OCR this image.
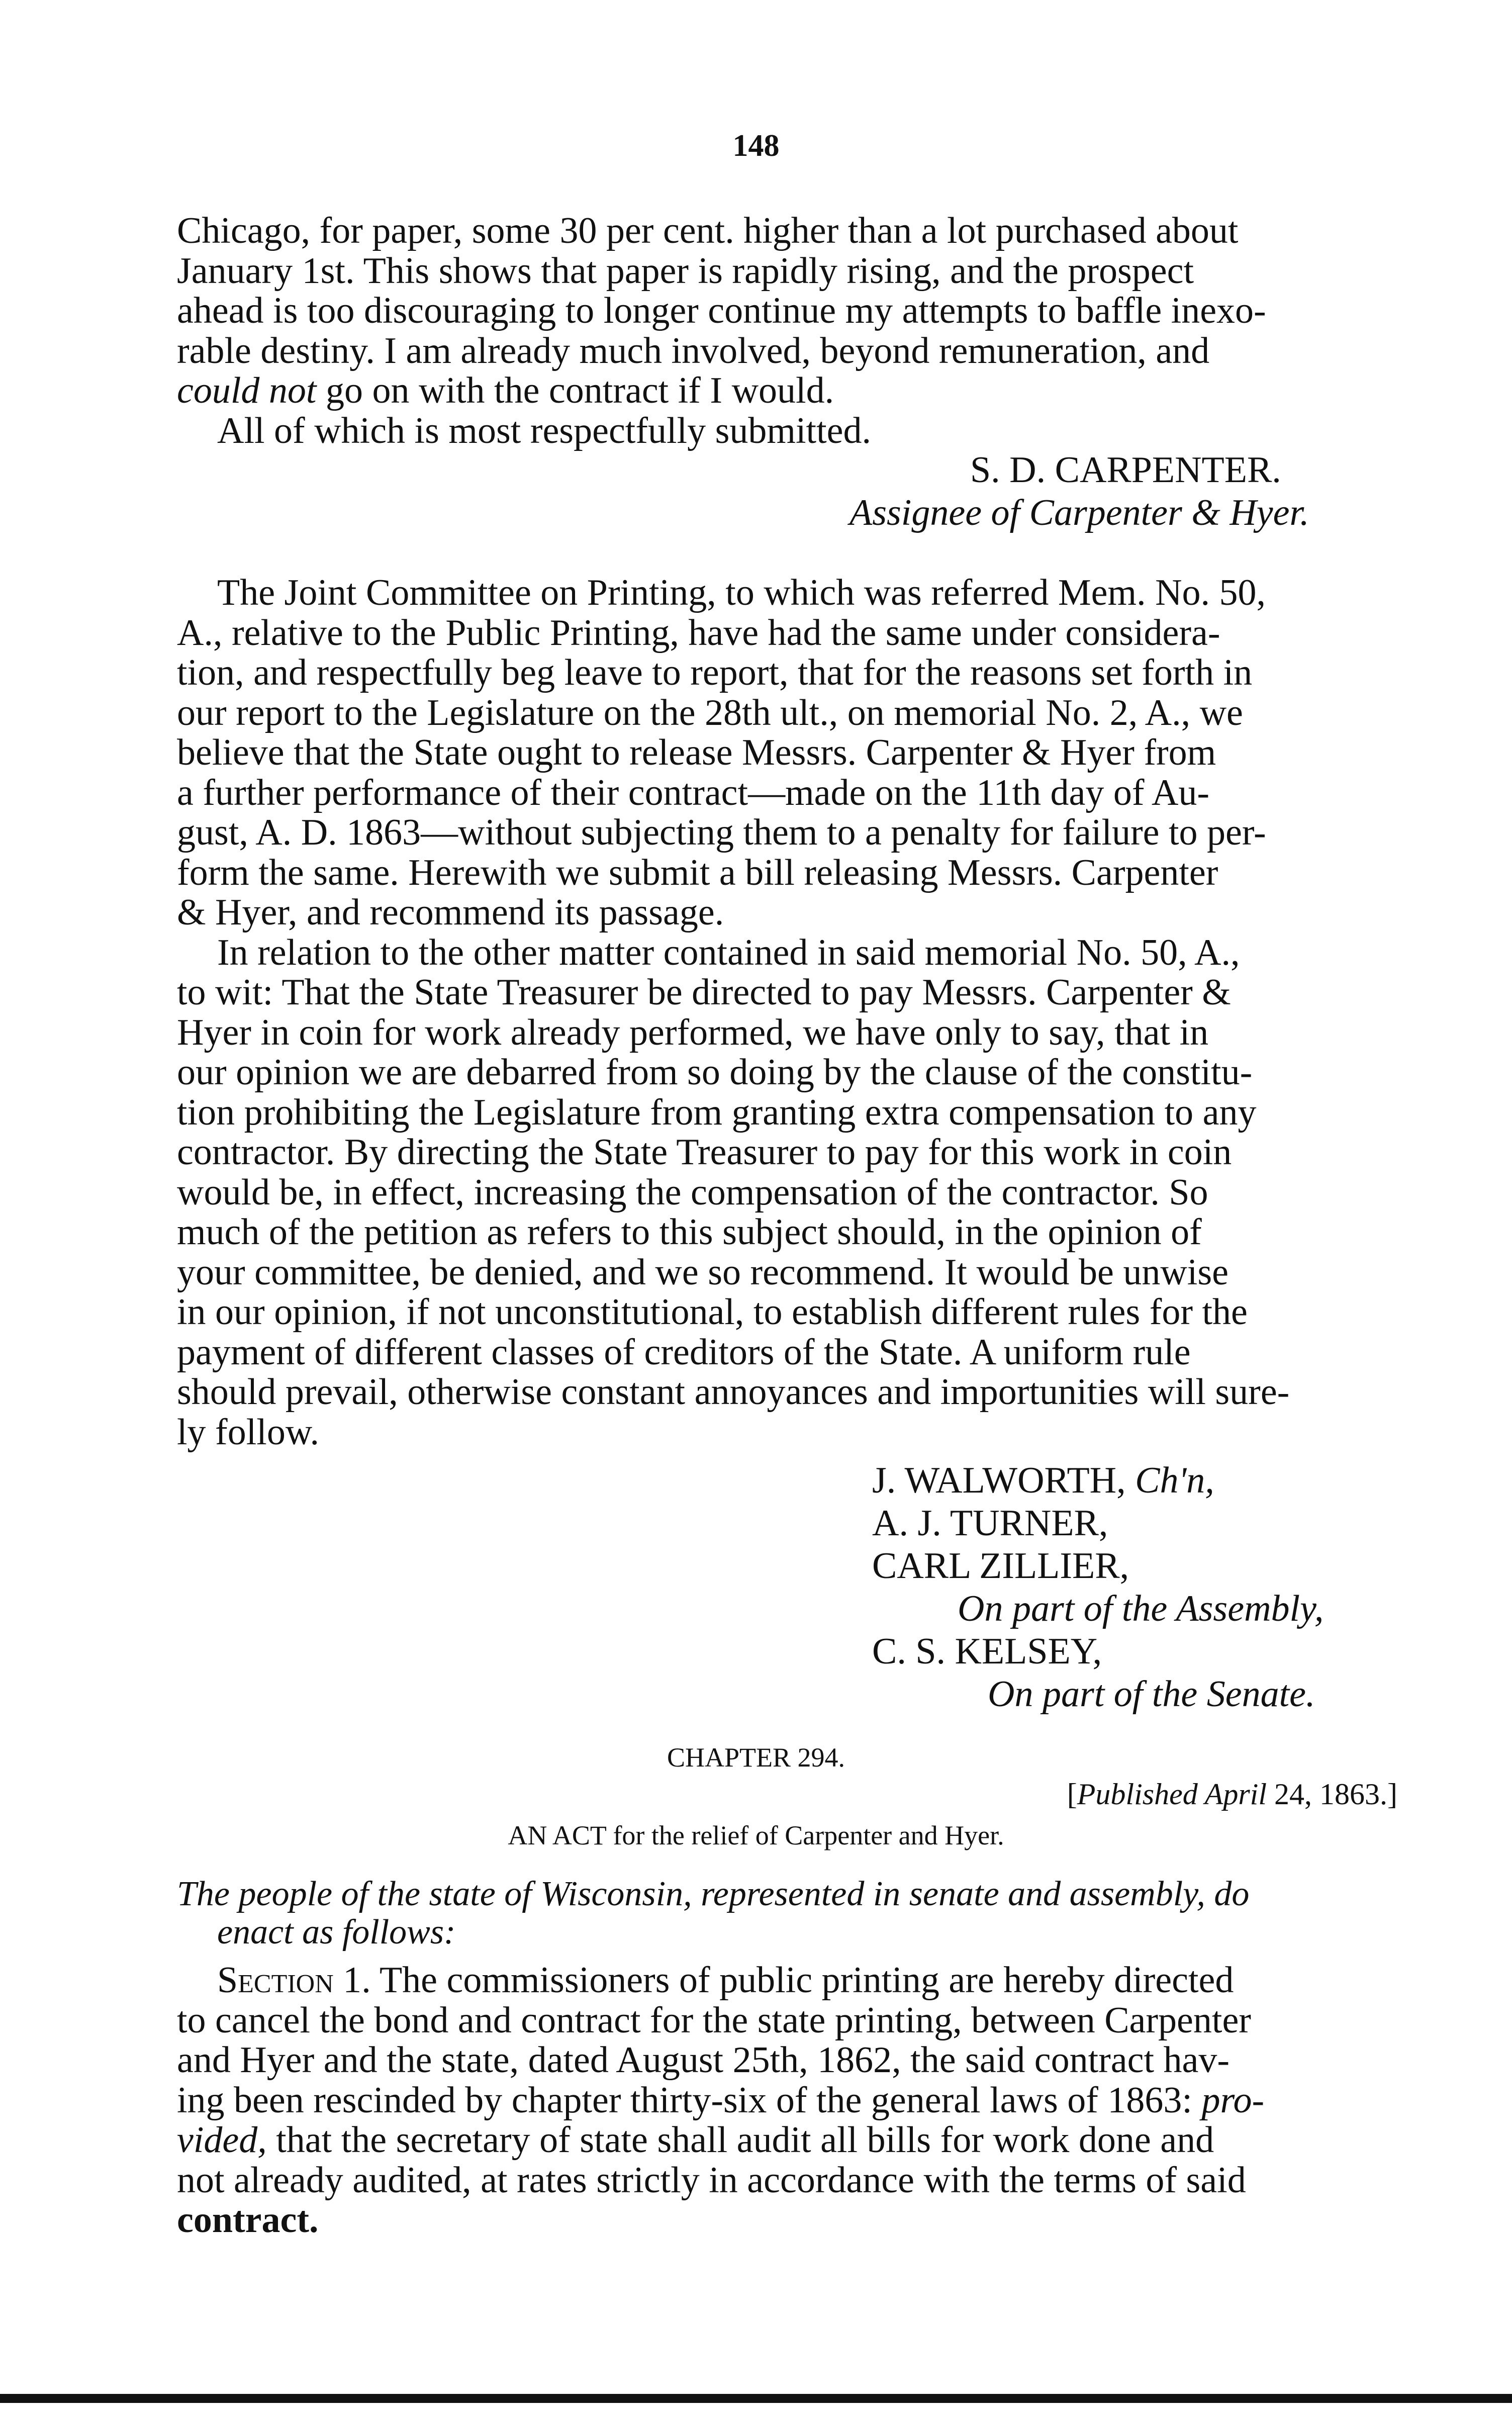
148

Chicago, for paper, some 30 per cent. higher than a lot purchased about

January 1st. This shows that paper is rapidly rising, and the prospect

ahead is too discouraging to longer continue my attempts to baffle inexo-

rable destiny. I am already much involved, beyond remuneration, and

could not go on with the contract if I would.

All of which is most respectfully submitted.

S. D. CARPENTER.
Assignee of Carpenter & Hyer.

The Joint Committee on Printing, to which was referred Mem. No. 50,

A., relative to the Public Printing, have had the same under considera-

tion, and respectfully beg leave to report, that for the reasons set forth in

our report to the Legislature on the 28th ult., on memorial No. 2, A., we

believe that the State ought to release Messrs. Carpenter & Hyer from

a further performance of their contract—made on the 11th day of Au-

gust, A. D. 1863—without subjecting them to a penalty for failure to per-

form the same. Herewith we submit a bill releasing Messrs. Carpenter

& Hyer, and recommend its passage.

In relation to the other matter contained in said memorial No. 50, A.,

to wit: That the State Treasurer be directed to pay Messrs. Carpenter &

Hyer in coin for work already performed, we have only to say, that in

our opinion we are debarred from so doing by the clause of the constitu-

tion prohibiting the Legislature from granting extra compensation to any

contractor. By directing the State Treasurer to pay for this work in coin

would be, in effect, increasing the compensation of the contractor. So

much of the petition as refers to this subject should, in the opinion of

your committee, be denied, and we so recommend. It would be unwise

in our opinion, if not unconstitutional, to establish different rules for the

payment of different classes of creditors of the State. A uniform rule

should prevail, otherwise constant annoyances and importunities will sure-

ly follow.

J. WALWORTH, Ch'n,
A. J. TURNER,
CARL ZILLIER,
On part of the Assembly,
C. S. KELSEY,
On part of the Senate.
CHAPTER 294.
[Published April 24, 1863.]
AN ACT for the relief of Carpenter and Hyer.
The people of the state of Wisconsin, represented in senate and assembly, do
enact as follows:

Section 1. The commissioners of public printing are hereby directed

to cancel the bond and contract for the state printing, between Carpenter

and Hyer and the state, dated August 25th, 1862, the said contract hav-

ing been rescinded by chapter thirty-six of the general laws of 1863: pro-

vided, that the secretary of state shall audit all bills for work done and

not already audited, at rates strictly in accordance with the terms of said

contract.
